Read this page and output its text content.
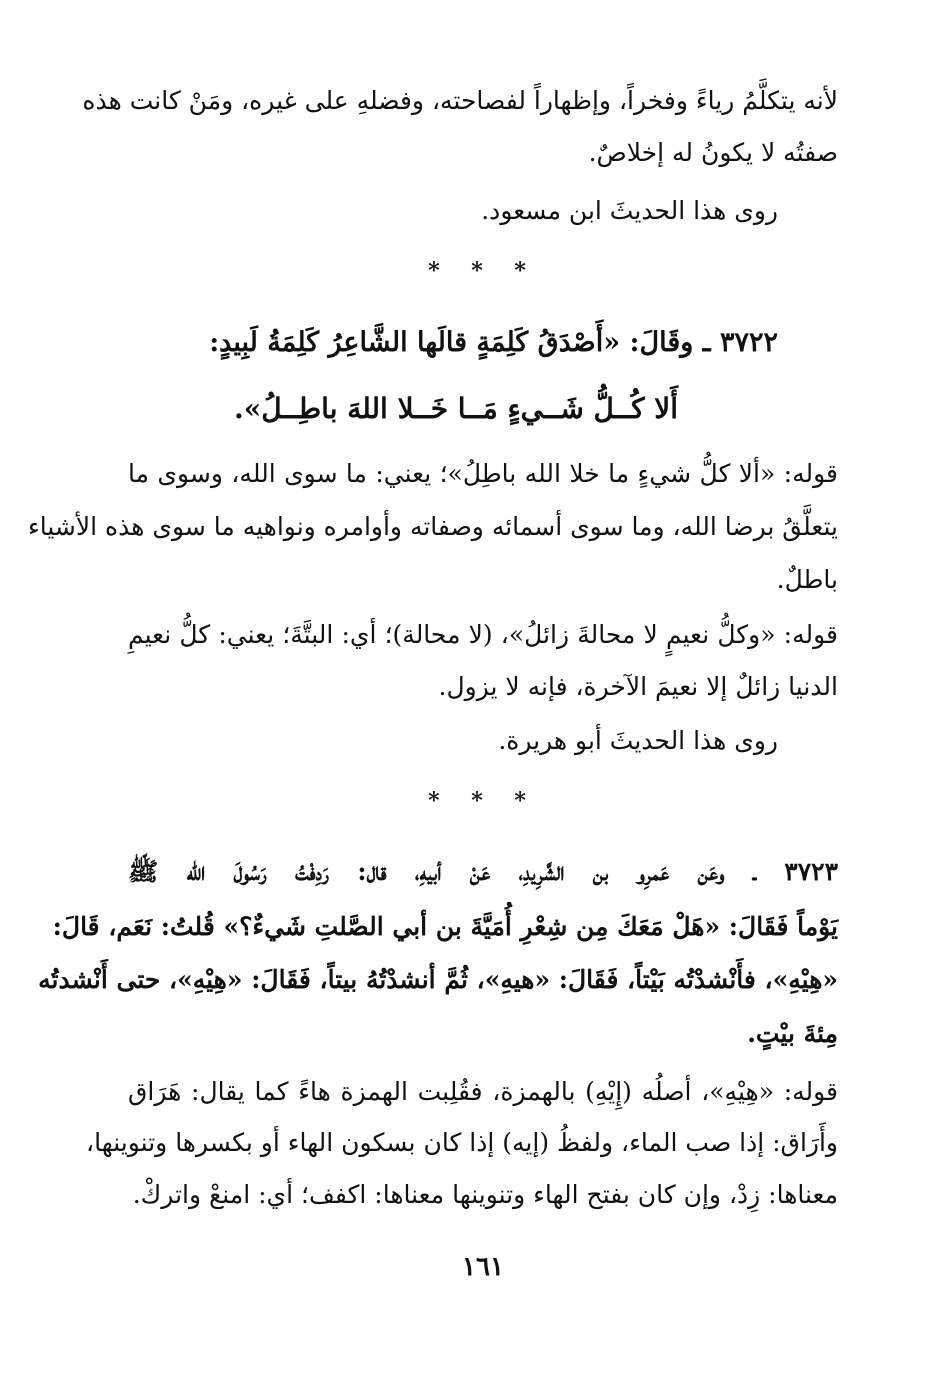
لأنه يتكلَّمُ رياءً وفخراً، وإظهاراً لفصاحته، وفضلهِ على غيره، ومَنْ كانت هذه
صفتُه لا يكونُ له إخلاصٌ.
روى هذا الحديثَ ابن مسعود.
* * *
٣٧٢٢ ـ وقَالَ: «أَصْدَقُ كَلِمَةٍ قالَها الشَّاعِرُ كَلِمَةُ لَبِيدٍ:
أَلا كُــلُّ شَــيءٍ مَــا خَــلا اللهَ باطِــلُ».
قوله: «ألا كلُّ شيءٍ ما خلا الله باطِلُ»؛ يعني: ما سوى الله، وسوى ما
يتعلَّقُ برضا الله، وما سوى أسمائه وصفاته وأوامره ونواهيه ما سوى هذه الأشياء
باطلٌ.
قوله: «وكلُّ نعيمٍ لا محالةَ زائلُ»، (لا محالة)؛ أي: البتَّةَ؛ يعني: كلُّ نعيمِ
الدنيا زائلٌ إلا نعيمَ الآخرة، فإنه لا يزول.
روى هذا الحديثَ أبو هريرة.
* * *
٣٧٢٣ ـ وعَن عَمرِو بن الشَّرِيدِ، عَنْ أبيهِ، قال: رَدِفْتُ رَسُولَ الله ﷺ
يَوْماً فَقَالَ: «هَلْ مَعَكَ مِن شِعْرِ أُمَيَّةَ بن أبي الصَّلتِ شَيءٌ؟» قُلتُ: نَعَم، قَالَ:
«هِيْهِ»، فأَنْشدْتُه بَيْتاً، فَقَالَ: «هيهِ»، ثُمَّ أنشدْتُهُ بيتاً، فَقَالَ: «هِيْهِ»، حتى أَنْشدتُه
مِئةَ بيْتٍ.
قوله: «هِيْهِ»، أصلُه (إِيْهِ) بالهمزة، فقُلِبت الهمزة هاءً كما يقال: هَرَاق
وأَرَاق: إذا صب الماء، ولفظُ (إيه) إذا كان بسكون الهاء أو بكسرها وتنوينها،
معناها: زِدْ، وإن كان بفتح الهاء وتنوينها معناها: اكفف؛ أي: امنعْ واتركْ.
١٦١
